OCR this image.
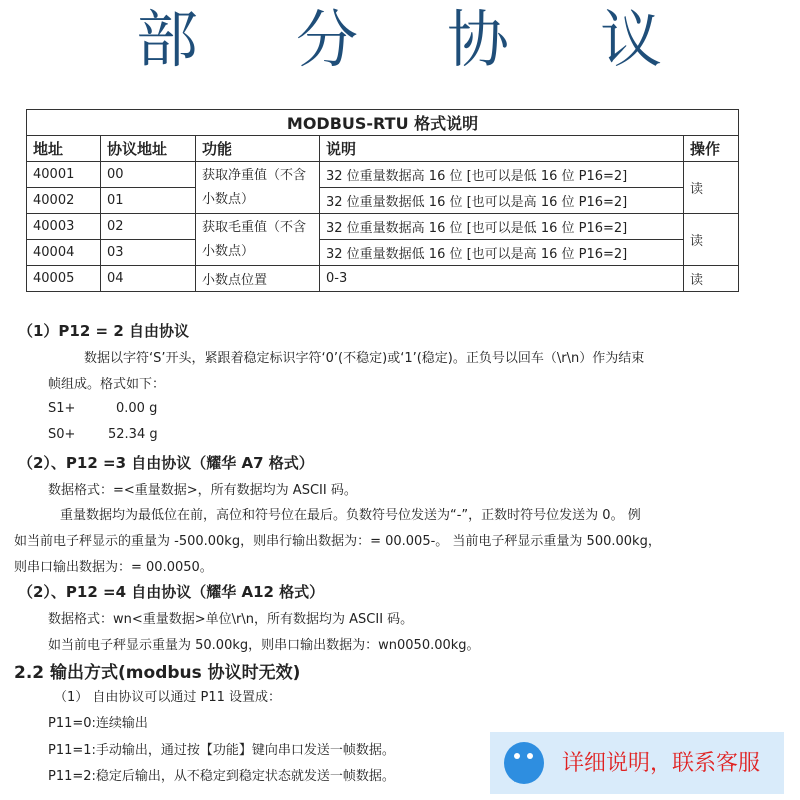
部 分 协 议
MODBUS-RTU 格式说明				
地址	协议地址	功能	说明	操作
40001	00	获取净重值（不含小数点）	32 位重量数据高 16 位 [也可以是低 16 位 P16=2]	读
40002	01		32 位重量数据低 16 位 [也可以是高 16 位 P16=2]	
40003	02	获取毛重值（不含小数点）	32 位重量数据高 16 位 [也可以是低 16 位 P16=2]	读
40004	03		32 位重量数据低 16 位 [也可以是高 16 位 P16=2]	
40005	04	小数点位置	0-3	读
（1）P12 = 2 自由协议
数据以字符‘S’开头，紧跟着稳定标识字符‘0’(不稳定)或‘1’(稳定)。正负号以回车（\r\n）作为结束
帧组成。格式如下：
S1+	0.00 g
S0+	52.34 g
（2）、P12 =3 自由协议（耀华 A7 格式）
数据格式：=<重量数据>，所有数据均为 ASCII 码。
重量数据均为最低位在前，高位和符号位在最后。负数符号位发送为“-”，正数时符号位发送为 0。 例
如当前电子秤显示的重量为 -500.00kg，则串行输出数据为：= 00.005-。 当前电子秤显示重量为 500.00kg，
则串口输出数据为：= 00.0050。
（2）、P12 =4 自由协议（耀华 A12 格式）
数据格式：wn<重量数据>单位\r\n，所有数据均为 ASCII 码。
如当前电子秤显示重量为 50.00kg，则串口输出数据为：wn0050.00kg。
2.2 输出方式(modbus 协议时无效)
（1） 自由协议可以通过 P11 设置成：
P11=0:连续输出
P11=1:手动输出，通过按【功能】键向串口发送一帧数据。
P11=2:稳定后输出，从不稳定到稳定状态就发送一帧数据。
详细说明，联系客服
